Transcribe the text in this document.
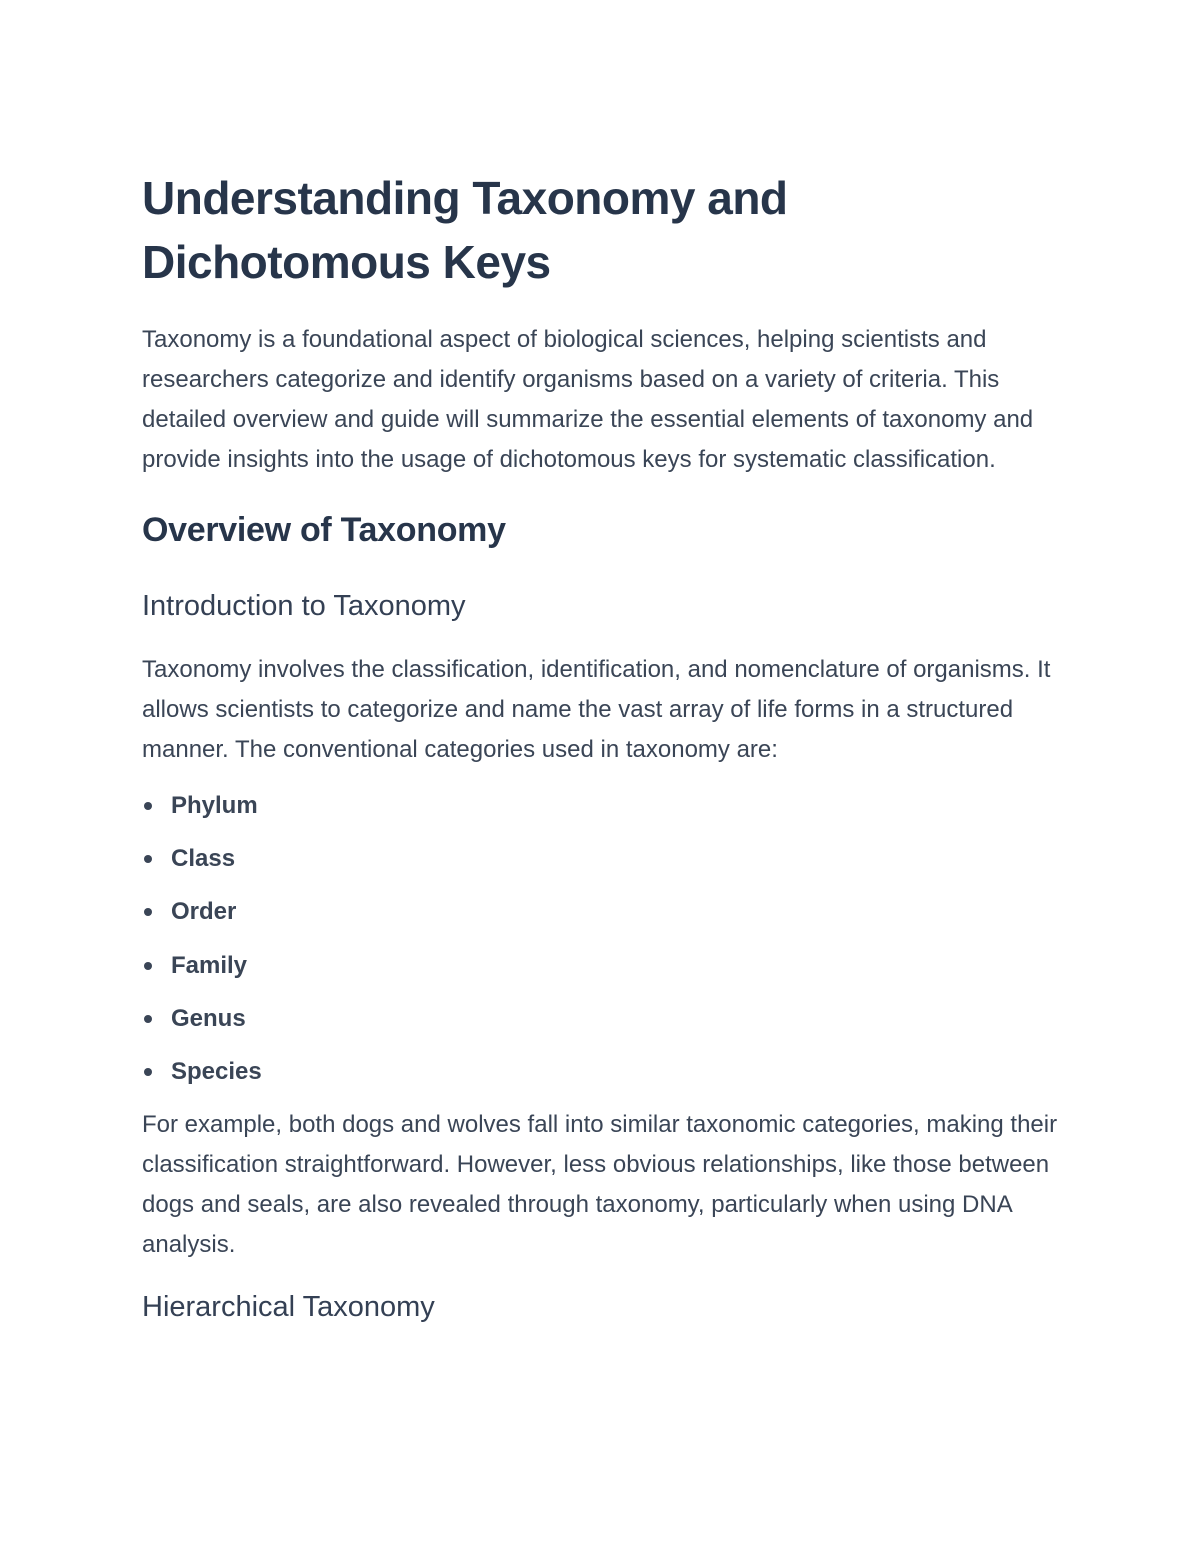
Understanding Taxonomy and Dichotomous Keys

Taxonomy is a foundational aspect of biological sciences, helping scientists and researchers categorize and identify organisms based on a variety of criteria. This detailed overview and guide will summarize the essential elements of taxonomy and provide insights into the usage of dichotomous keys for systematic classification.

Overview of Taxonomy
Introduction to Taxonomy

Taxonomy involves the classification, identification, and nomenclature of organisms. It allows scientists to categorize and name the vast array of life forms in a structured manner. The conventional categories used in taxonomy are:

Phylum
Class
Order
Family
Genus
Species

For example, both dogs and wolves fall into similar taxonomic categories, making their classification straightforward. However, less obvious relationships, like those between dogs and seals, are also revealed through taxonomy, particularly when using DNA analysis.

Hierarchical Taxonomy
